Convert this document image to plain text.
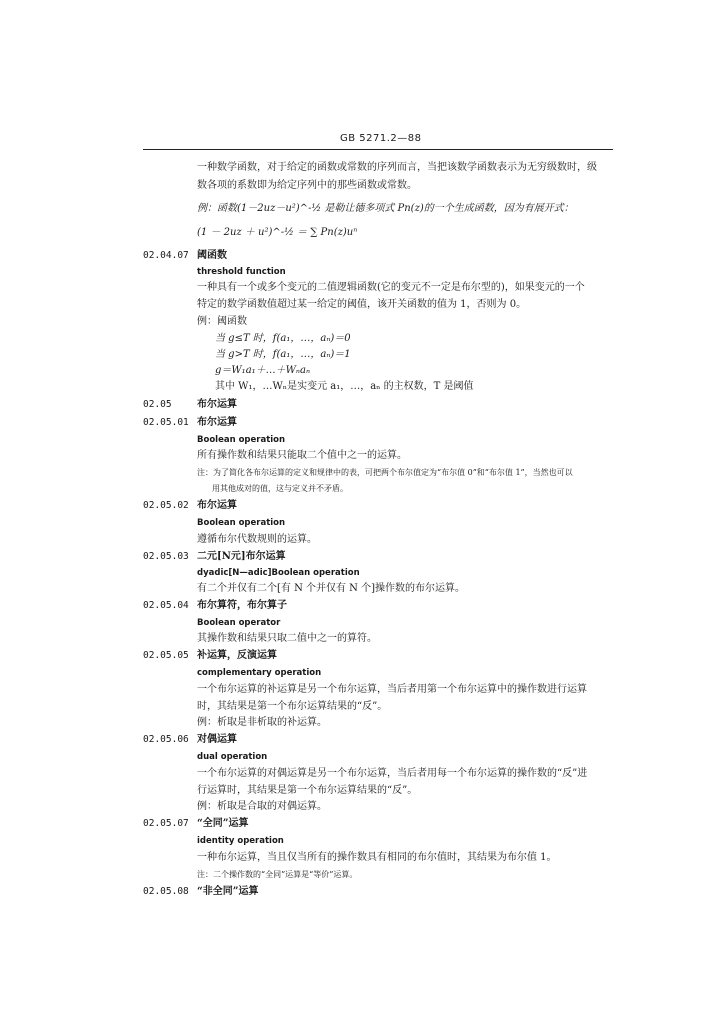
GB 5271.2—88
一种数学函数，对于给定的函数或常数的序列而言，当把该数学函数表示为无穷级数时，级
数各项的系数即为给定序列中的那些函数或常数。
例：函数(1－2uz－u²)^-½ 是勒让德多项式 Pn(z)的一个生成函数，因为有展开式：
(1 － 2uz ＋ u²)^-½ ＝ ∑ Pn(z)uⁿ
02.04.07 阈函数
threshold function
一种具有一个或多个变元的二值逻辑函数(它的变元不一定是布尔型的)，如果变元的一个
特定的数学函数值超过某一给定的阈值，该开关函数的值为 1，否则为 0。
例：阈函数
当 g≤T 时，f(a₁，…，aₙ)＝0
当 g>T 时，f(a₁，…，aₙ)＝1
g＝W₁a₁＋…＋Wₙaₙ
其中 W₁，…Wₙ是实变元 a₁，…，aₙ 的主权数，T 是阈值
02.05	布尔运算
02.05.01 布尔运算
Boolean operation
所有操作数和结果只能取二个值中之一的运算。
注：为了简化各布尔运算的定义和规律中的表，可把两个布尔值定为“布尔值 0”和“布尔值 1”，当然也可以
用其他成对的值，这与定义并不矛盾。
02.05.02 布尔运算
Boolean operation
遵循布尔代数规则的运算。
02.05.03 二元[N元]布尔运算
dyadic[N—adic]Boolean operation
有二个并仅有二个[有 N 个并仅有 N 个]操作数的布尔运算。
02.05.04 布尔算符，布尔算子
Boolean operator
其操作数和结果只取二值中之一的算符。
02.05.05 补运算，反演运算
complementary operation
一个布尔运算的补运算是另一个布尔运算，当后者用第一个布尔运算中的操作数进行运算
时，其结果是第一个布尔运算结果的“反”。
例：析取是非析取的补运算。
02.05.06 对偶运算
dual operation
一个布尔运算的对偶运算是另一个布尔运算，当后者用每一个布尔运算的操作数的“反”进
行运算时，其结果是第一个布尔运算结果的“反”。
例：析取是合取的对偶运算。
02.05.07 “全同”运算
identity operation
一种布尔运算，当且仅当所有的操作数具有相同的布尔值时，其结果为布尔值 1。
注：二个操作数的“全同”运算是“等价”运算。
02.05.08 “非全同”运算
